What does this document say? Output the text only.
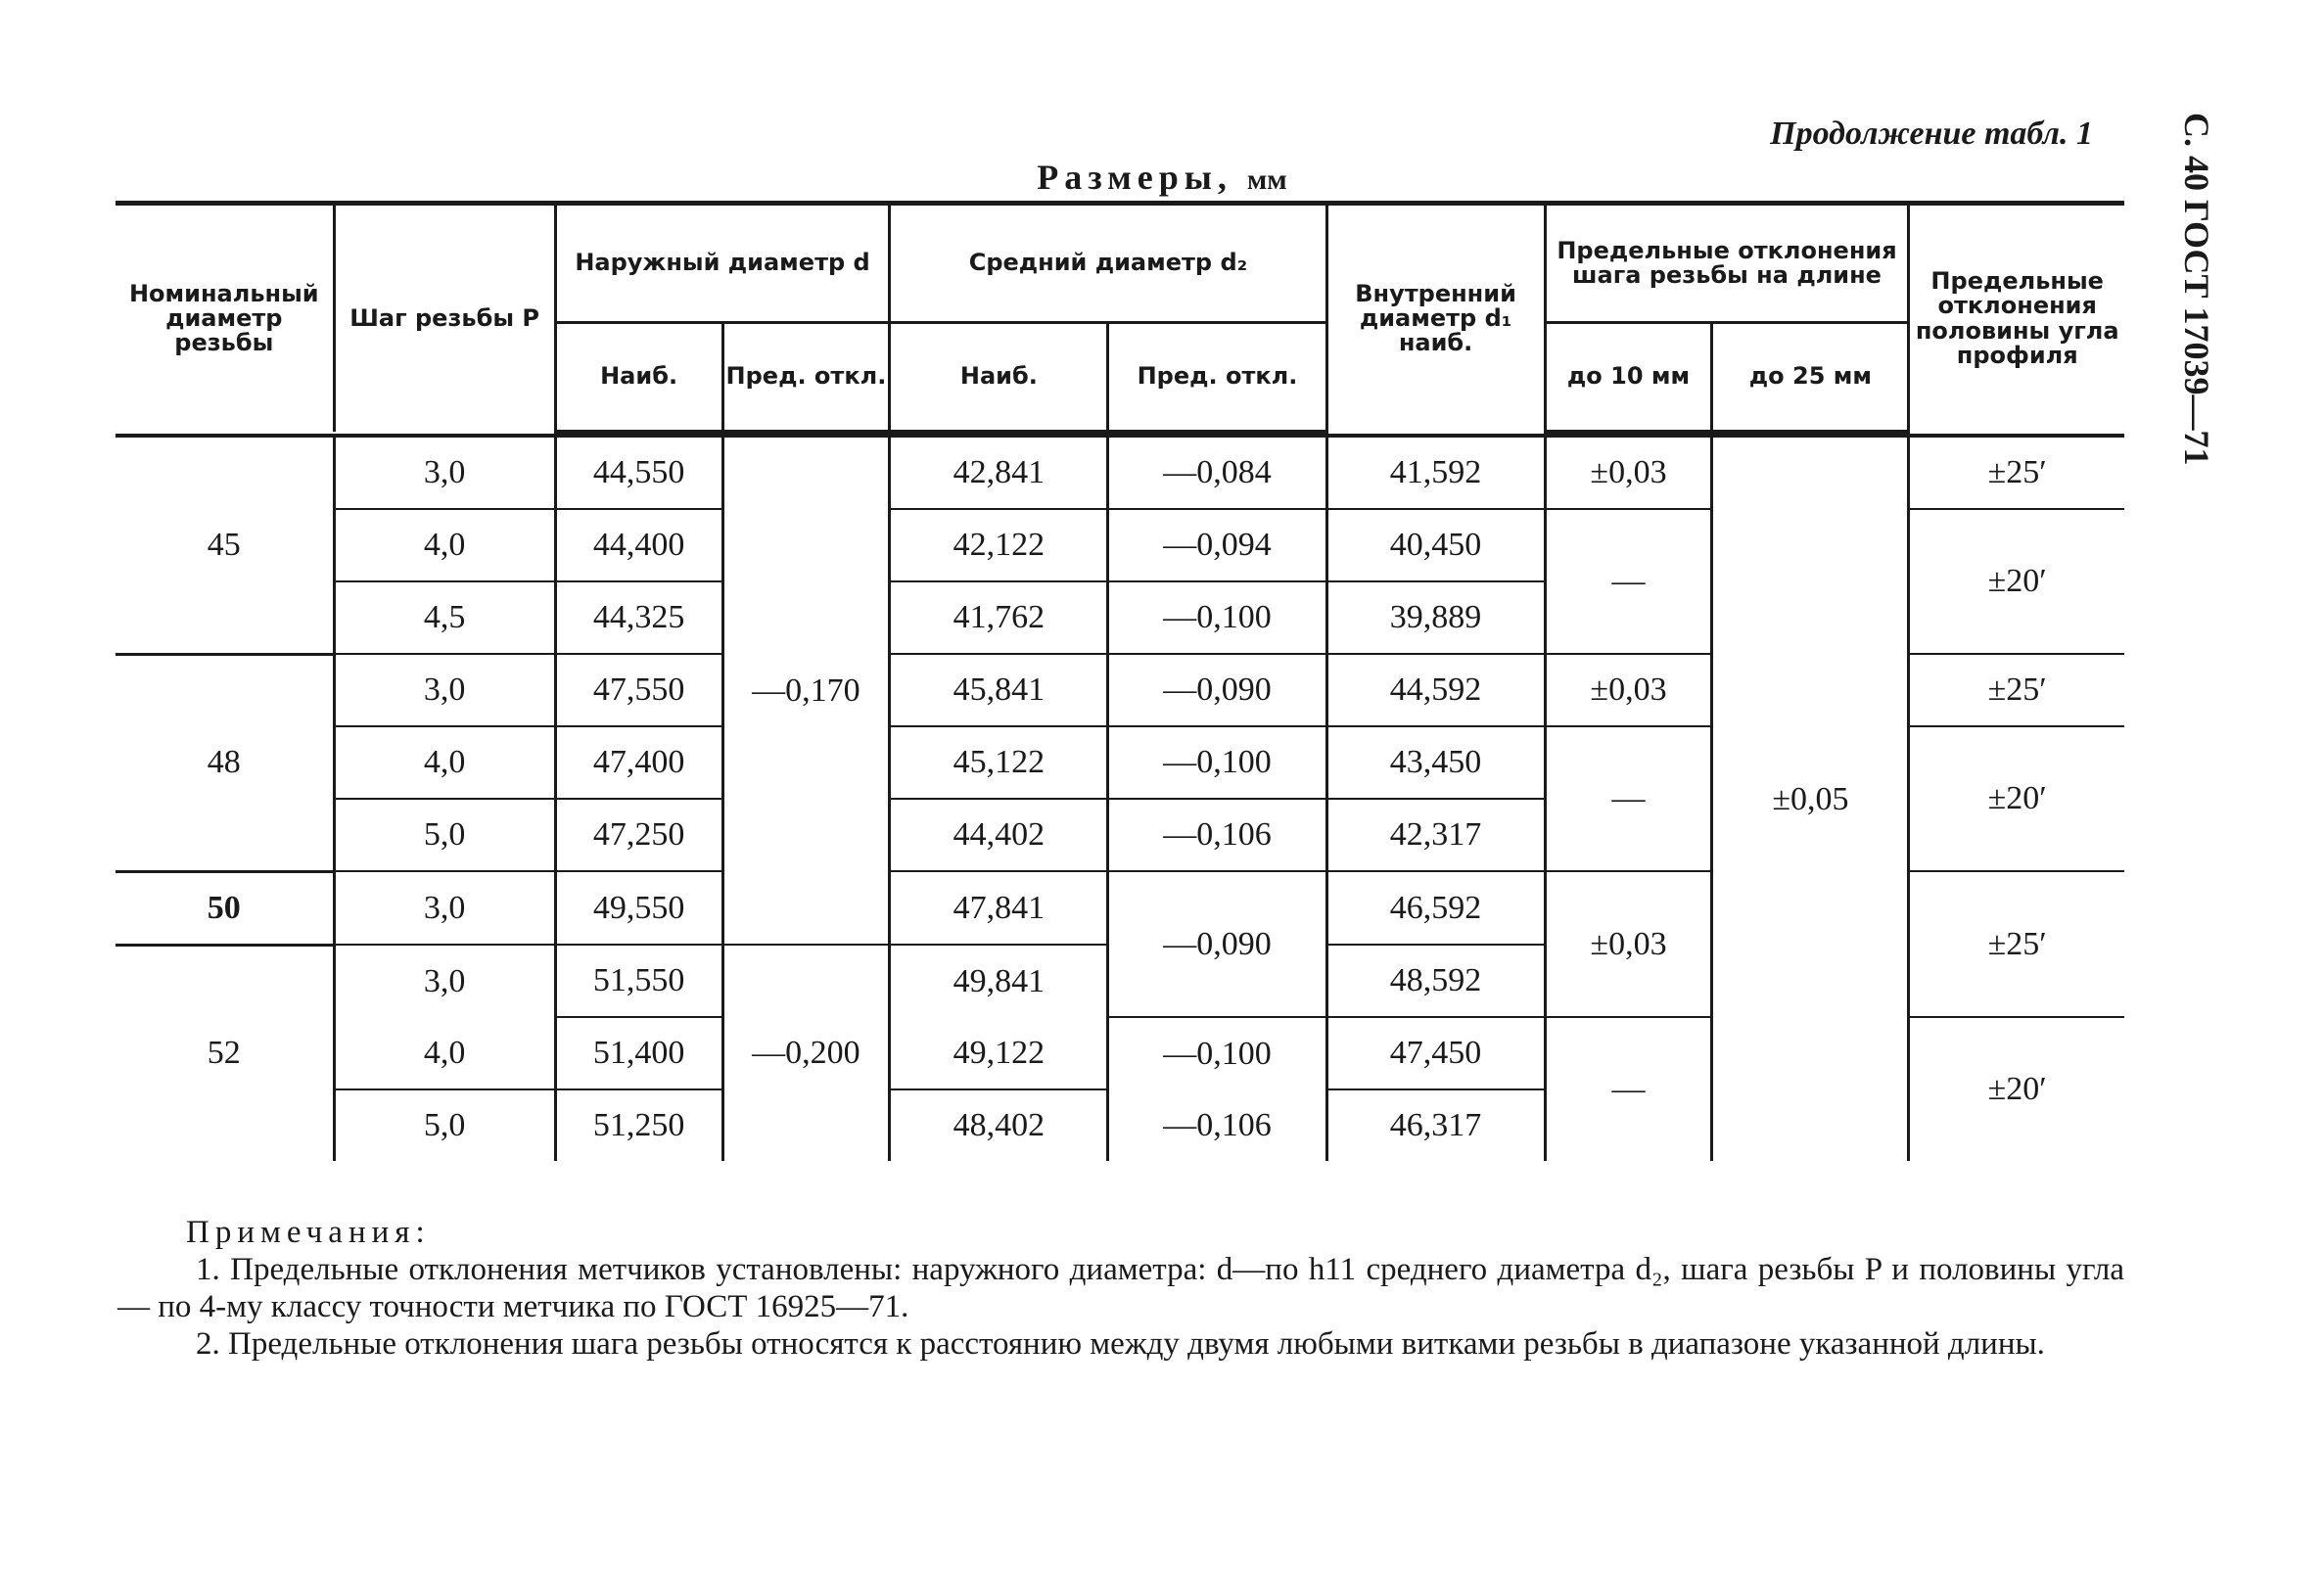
Продолжение табл. 1	С. 40 ГОСТ 17039—71
Размеры, мм
Номинальный диаметр резьбы	Шаг резьбы P	Наружный диаметр d		Средний диаметр d₂		Внутренний диаметр d₁ наиб.	Предельные отклонения шага резьбы на длине		Предельные отклонения половины угла профиля
		Наиб.	Пред. откл.	Наиб.	Пред. откл.		до 10 мм	до 25 мм	

45	3,0	44,550	—0,170	42,841	—0,084	41,592	±0,03	±0,05	±25′
	4,0	44,400		42,122	—0,094	40,450	—		±20′
	4,5	44,325		41,762	—0,100	39,889			
48	3,0	47,550		45,841	—0,090	44,592	±0,03		±25′
	4,0	47,400		45,122	—0,100	43,450	—		±20′
	5,0	47,250		44,402	—0,106	42,317			
50	3,0	49,550		47,841	—0,090	46,592	±0,03		±25′
52	3,0	51,550	—0,200	49,841		48,592			
	4,0	51,400		49,122	—0,100	47,450	—		±20′
	5,0	51,250		48,402	—0,106	46,317			

Примечания:

1. Предельные отклонения метчиков установлены: наружного диаметра: d—по h11 среднего диаметра d₂, шага резьбы P и половины угла — по 4-му классу точности метчика по ГОСТ 16925—71.

2. Предельные отклонения шага резьбы относятся к расстоянию между двумя любыми витками резьбы в диапазоне указанной длины.
